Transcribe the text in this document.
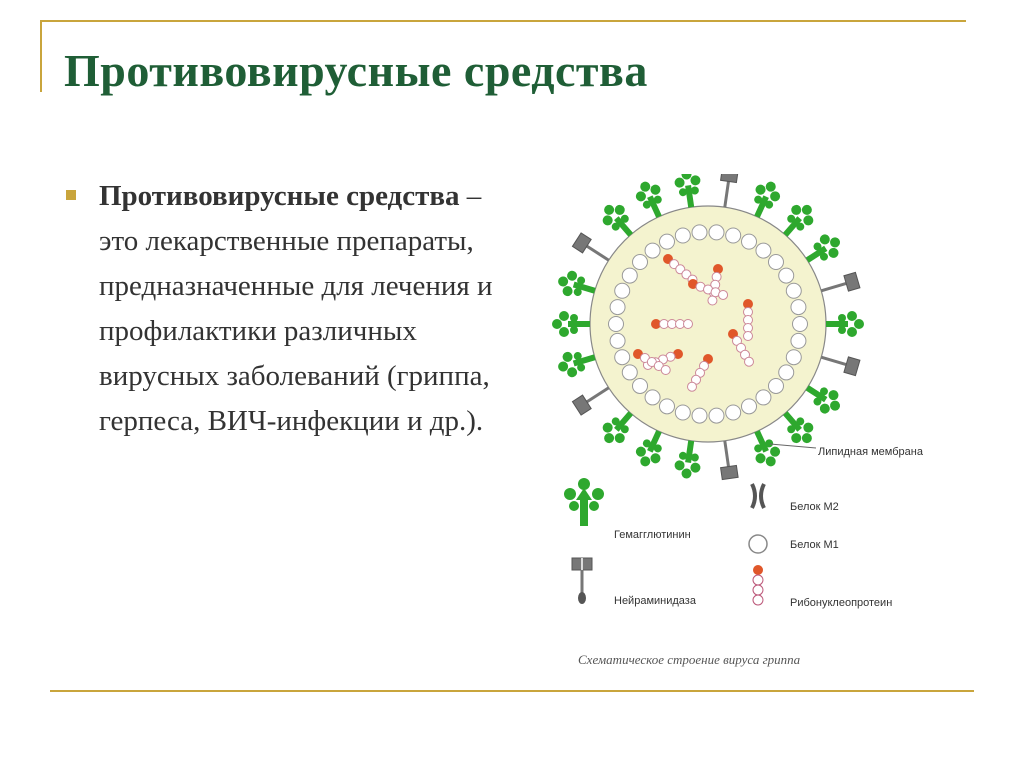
Противовирусные средства
Противовирусные средства – это лекарственные препараты, предназначенные для лечения и профилактики различных вирусных заболеваний (гриппа, герпеса, ВИЧ-инфекции и др.).
Липидная мембрана
Гемагглютинин
Нейраминидаза
Белок М2
Белок М1
Рибонуклеопротеин
Схематическое строение вируса гриппа
